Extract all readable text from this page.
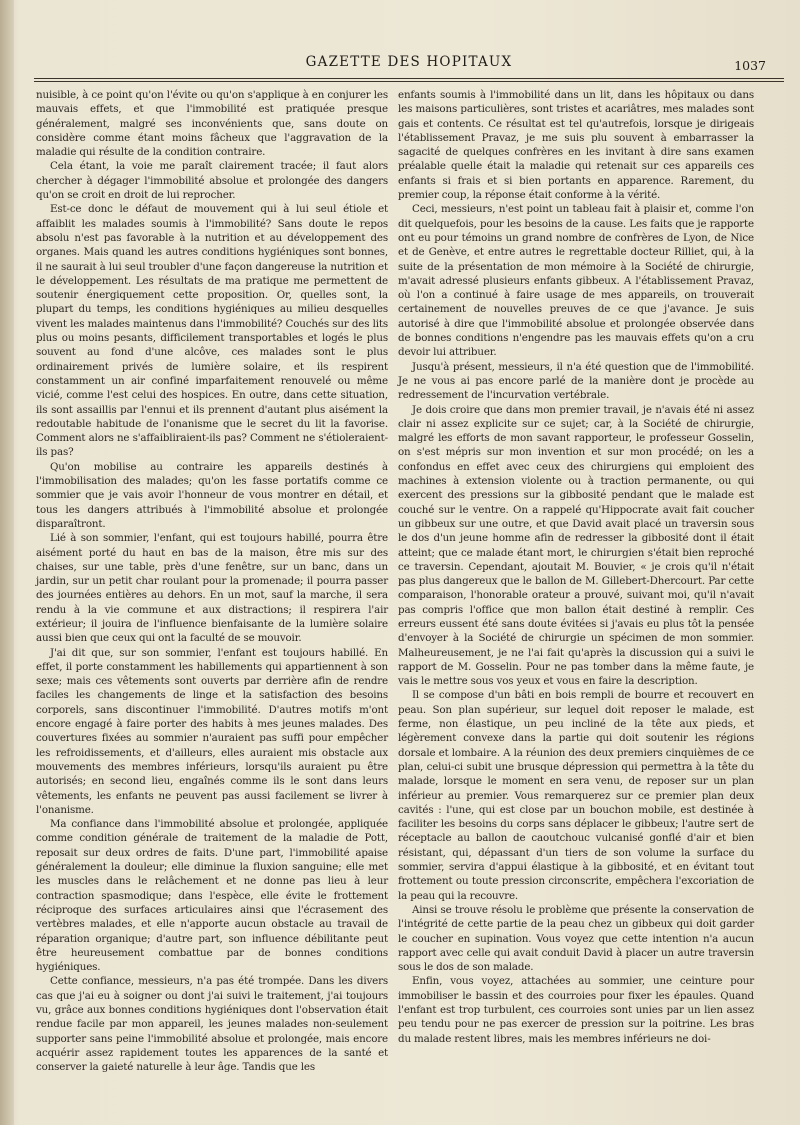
GAZETTE DES HOPITAUX	1037

nuisible, à ce point qu'on l'évite ou qu'on s'applique à en conjurer les mauvais effets, et que l'immobilité est pratiquée presque généralement, malgré ses inconvénients que, sans doute on considère comme étant moins fâcheux que l'aggravation de la maladie qui résulte de la condition contraire.

Cela étant, la voie me paraît clairement tracée; il faut alors chercher à dégager l'immobilité absolue et prolongée des dangers qu'on se croit en droit de lui reprocher.

Est-ce donc le défaut de mouvement qui à lui seul étiole et affaiblit les malades soumis à l'immobilité? Sans doute le repos absolu n'est pas favorable à la nutrition et au développement des organes. Mais quand les autres conditions hygiéniques sont bonnes, il ne saurait à lui seul troubler d'une façon dangereuse la nutrition et le développement. Les résultats de ma pratique me permettent de soutenir énergiquement cette proposition. Or, quelles sont, la plupart du temps, les conditions hygiéniques au milieu desquelles vivent les malades maintenus dans l'immobilité? Couchés sur des lits plus ou moins pesants, difficilement transportables et logés le plus souvent au fond d'une alcôve, ces malades sont le plus ordinairement privés de lumière solaire, et ils respirent constamment un air confiné imparfaitement renouvelé ou même vicié, comme l'est celui des hospices. En outre, dans cette situation, ils sont assaillis par l'ennui et ils prennent d'autant plus aisément la redoutable habitude de l'onanisme que le secret du lit la favorise. Comment alors ne s'affaibliraient-ils pas? Comment ne s'étioleraient-ils pas?

Qu'on mobilise au contraire les appareils destinés à l'immobilisation des malades; qu'on les fasse portatifs comme ce sommier que je vais avoir l'honneur de vous montrer en détail, et tous les dangers attribués à l'immobilité absolue et prolongée disparaîtront.

Lié à son sommier, l'enfant, qui est toujours habillé, pourra être aisément porté du haut en bas de la maison, être mis sur des chaises, sur une table, près d'une fenêtre, sur un banc, dans un jardin, sur un petit char roulant pour la promenade; il pourra passer des journées entières au dehors. En un mot, sauf la marche, il sera rendu à la vie commune et aux distractions; il respirera l'air extérieur; il jouira de l'influence bienfaisante de la lumière solaire aussi bien que ceux qui ont la faculté de se mouvoir.

J'ai dit que, sur son sommier, l'enfant est toujours habillé. En effet, il porte constamment les habillements qui appartiennent à son sexe; mais ces vêtements sont ouverts par derrière afin de rendre faciles les changements de linge et la satisfaction des besoins corporels, sans discontinuer l'immobilité. D'autres motifs m'ont encore engagé à faire porter des habits à mes jeunes malades. Des couvertures fixées au sommier n'auraient pas suffi pour empêcher les refroidissements, et d'ailleurs, elles auraient mis obstacle aux mouvements des membres inférieurs, lorsqu'ils auraient pu être autorisés; en second lieu, engaînés comme ils le sont dans leurs vêtements, les enfants ne peuvent pas aussi facilement se livrer à l'onanisme.

Ma confiance dans l'immobilité absolue et prolongée, appliquée comme condition générale de traitement de la maladie de Pott, reposait sur deux ordres de faits. D'une part, l'immobilité apaise généralement la douleur; elle diminue la fluxion sanguine; elle met les muscles dans le relâchement et ne donne pas lieu à leur contraction spasmodique; dans l'espèce, elle évite le frottement réciproque des surfaces articulaires ainsi que l'écrasement des vertèbres malades, et elle n'apporte aucun obstacle au travail de réparation organique; d'autre part, son influence débilitante peut être heureusement combattue par de bonnes conditions hygiéniques.

Cette confiance, messieurs, n'a pas été trompée. Dans les divers cas que j'ai eu à soigner ou dont j'ai suivi le traitement, j'ai toujours vu, grâce aux bonnes conditions hygiéniques dont l'observation était rendue facile par mon appareil, les jeunes malades non-seulement supporter sans peine l'immobilité absolue et prolongée, mais encore acquérir assez rapidement toutes les apparences de la santé et conserver la gaieté naturelle à leur âge. Tandis que les

enfants soumis à l'immobilité dans un lit, dans les hôpitaux ou dans les maisons particulières, sont tristes et acariâtres, mes malades sont gais et contents. Ce résultat est tel qu'autrefois, lorsque je dirigeais l'établissement Pravaz, je me suis plu souvent à embarrasser la sagacité de quelques confrères en les invitant à dire sans examen préalable quelle était la maladie qui retenait sur ces appareils ces enfants si frais et si bien portants en apparence. Rarement, du premier coup, la réponse était conforme à la vérité.

Ceci, messieurs, n'est point un tableau fait à plaisir et, comme l'on dit quelquefois, pour les besoins de la cause. Les faits que je rapporte ont eu pour témoins un grand nombre de confrères de Lyon, de Nice et de Genève, et entre autres le regrettable docteur Rilliet, qui, à la suite de la présentation de mon mémoire à la Société de chirurgie, m'avait adressé plusieurs enfants gibbeux. A l'établissement Pravaz, où l'on a continué à faire usage de mes appareils, on trouverait certainement de nouvelles preuves de ce que j'avance. Je suis autorisé à dire que l'immobilité absolue et prolongée observée dans de bonnes conditions n'engendre pas les mauvais effets qu'on a cru devoir lui attribuer.

Jusqu'à présent, messieurs, il n'a été question que de l'immobilité. Je ne vous ai pas encore parlé de la manière dont je procède au redressement de l'incurvation vertébrale.

Je dois croire que dans mon premier travail, je n'avais été ni assez clair ni assez explicite sur ce sujet; car, à la Société de chirurgie, malgré les efforts de mon savant rapporteur, le professeur Gosselin, on s'est mépris sur mon invention et sur mon procédé; on les a confondus en effet avec ceux des chirurgiens qui emploient des machines à extension violente ou à traction permanente, ou qui exercent des pressions sur la gibbosité pendant que le malade est couché sur le ventre. On a rappelé qu'Hippocrate avait fait coucher un gibbeux sur une outre, et que David avait placé un traversin sous le dos d'un jeune homme afin de redresser la gibbosité dont il était atteint; que ce malade étant mort, le chirurgien s'était bien reproché ce traversin. Cependant, ajoutait M. Bouvier, « je crois qu'il n'était pas plus dangereux que le ballon de M. Gillebert-Dhercourt. Par cette comparaison, l'honorable orateur a prouvé, suivant moi, qu'il n'avait pas compris l'office que mon ballon était destiné à remplir. Ces erreurs eussent été sans doute évitées si j'avais eu plus tôt la pensée d'envoyer à la Société de chirurgie un spécimen de mon sommier. Malheureusement, je ne l'ai fait qu'après la discussion qui a suivi le rapport de M. Gosselin. Pour ne pas tomber dans la même faute, je vais le mettre sous vos yeux et vous en faire la description.

Il se compose d'un bâti en bois rempli de bourre et recouvert en peau. Son plan supérieur, sur lequel doit reposer le malade, est ferme, non élastique, un peu incliné de la tête aux pieds, et légèrement convexe dans la partie qui doit soutenir les régions dorsale et lombaire. A la réunion des deux premiers cinquièmes de ce plan, celui-ci subit une brusque dépression qui permettra à la tête du malade, lorsque le moment en sera venu, de reposer sur un plan inférieur au premier. Vous remarquerez sur ce premier plan deux cavités : l'une, qui est close par un bouchon mobile, est destinée à faciliter les besoins du corps sans déplacer le gibbeux; l'autre sert de réceptacle au ballon de caoutchouc vulcanisé gonflé d'air et bien résistant, qui, dépassant d'un tiers de son volume la surface du sommier, servira d'appui élastique à la gibbosité, et en évitant tout frottement ou toute pression circonscrite, empêchera l'excoriation de la peau qui la recouvre.

Ainsi se trouve résolu le problème que présente la conservation de l'intégrité de cette partie de la peau chez un gibbeux qui doit garder le coucher en supination. Vous voyez que cette intention n'a aucun rapport avec celle qui avait conduit David à placer un autre traversin sous le dos de son malade.

Enfin, vous voyez, attachées au sommier, une ceinture pour immobiliser le bassin et des courroies pour fixer les épaules. Quand l'enfant est trop turbulent, ces courroies sont unies par un lien assez peu tendu pour ne pas exercer de pression sur la poitrine. Les bras du malade restent libres, mais les membres inférieurs ne doi-
